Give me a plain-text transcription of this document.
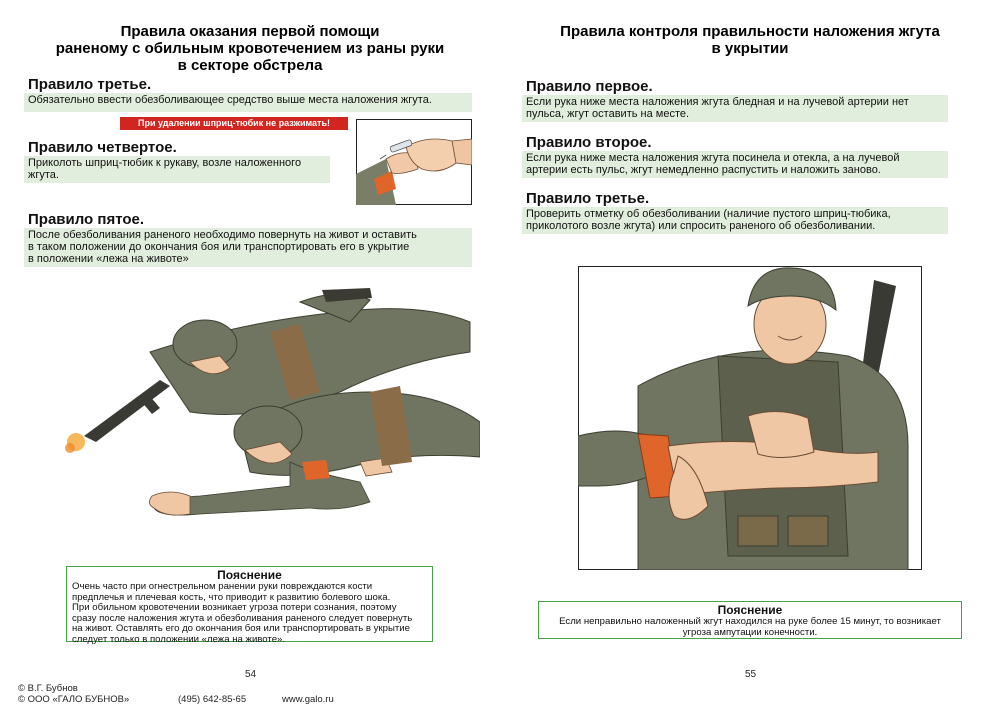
Правила оказания первой помощи
раненому с обильным кровотечением из раны руки
в секторе обстрела
Правило третье.
Обязательно ввести обезболивающее средство выше места наложения жгута.
При удалении шприц-тюбик не разжимать!
Правило четвертое.
Приколоть шприц-тюбик к рукаву, возле наложенного
жгута.
Правило пятое.
После обезболивания раненого необходимо повернуть на живот и оставить
в таком положении до окончания боя или транспортировать его в укрытие
в положении «лежа на животе»
Пояснение

Очень часто при огнестрельном ранении руки повреждаются кости

предплечья и плечевая кость, что приводит к развитию болевого шока.

При обильном кровотечении возникает угроза потери сознания, поэтому

сразу после наложения жгута и обезболивания раненого следует повернуть

на живот. Оставлять его до окончания боя или транспортировать в укрытие

следует только в положении «лежа на животе».

54
© В.Г. Бубнов
© ООО «ГАЛО БУБНОВ»	(495) 642-85-65	www.galo.ru
Правила контроля правильности наложения жгута
в укрытии
Правило первое.
Если рука ниже места наложения жгута бледная и на лучевой артерии нет
пульса, жгут оставить на месте.
Правило второе.
Если рука ниже места наложения жгута посинела и отекла, а на лучевой
артерии есть пульс, жгут немедленно распустить и наложить заново.
Правило третье.
Проверить отметку об обезболивании (наличие пустого шприц-тюбика,
приколотого возле жгута) или спросить раненого об обезболивании.
Пояснение

Если неправильно наложенный жгут находился на руке более 15 минут, то возникает

угроза ампутации конечности.

55
